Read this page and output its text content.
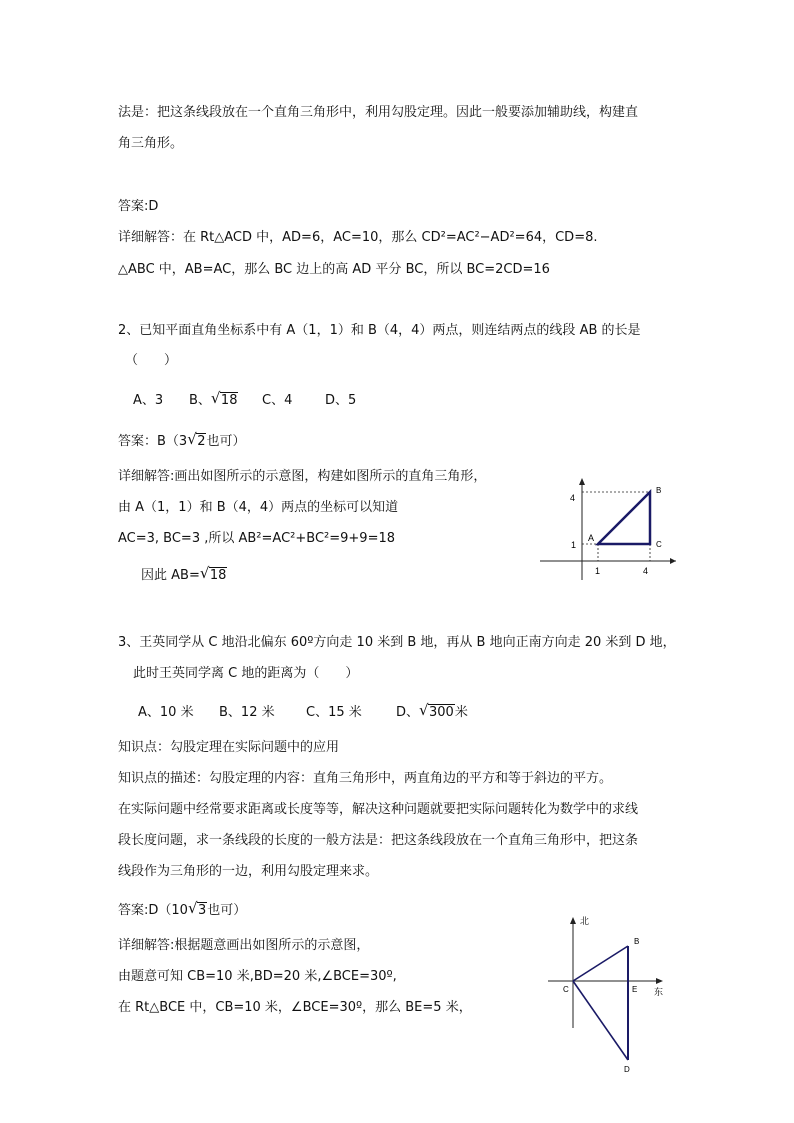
法是：把这条线段放在一个直角三角形中，利用勾股定理。因此一般要添加辅助线，构建直
角三角形。
答案:D
详细解答：在 Rt△ACD 中，AD=6，AC=10，那么 CD²=AC²−AD²=64，CD=8.
△ABC 中，AB=AC，那么 BC 边上的高 AD 平分 BC，所以 BC=2CD=16
2、已知平面直角坐标系中有 A（1，1）和 B（4，4）两点，则连结两点的线段 AB 的长是
（　　）
A、3 B、 √ 18 C、4	D、5
答案：B（3 √ 2也可）
详细解答:画出如图所示的示意图，构建如图所示的直角三角形，
由 A（1，1）和 B（4，4）两点的坐标可以知道
AC=3, BC=3 ,所以 AB²=AC²+BC²=9+9=18
因此 AB= √ 18
4
1
1	4
A
B
C
3、王英同学从 C 地沿北偏东 60º方向走 10 米到 B 地，再从 B 地向正南方向走 20 米到 D 地，
此时王英同学离 C 地的距离为（　　）
A、10 米 B、12 米 C、15 米	D、 √ 300米
知识点：勾股定理在实际问题中的应用
知识点的描述：勾股定理的内容：直角三角形中，两直角边的平方和等于斜边的平方。
在实际问题中经常要求距离或长度等等，解决这种问题就要把实际问题转化为数学中的求线
段长度问题，求一条线段的长度的一般方法是：把这条线段放在一个直角三角形中，把这条
线段作为三角形的一边，利用勾股定理来求。
答案:D（10 √ 3也可）
详细解答:根据题意画出如图所示的示意图，
由题意可知 CB=10 米,BD=20 米,∠BCE=30º,
在 Rt△BCE 中，CB=10 米，∠BCE=30º，那么 BE=5 米，
北
东
B
C	E
D
